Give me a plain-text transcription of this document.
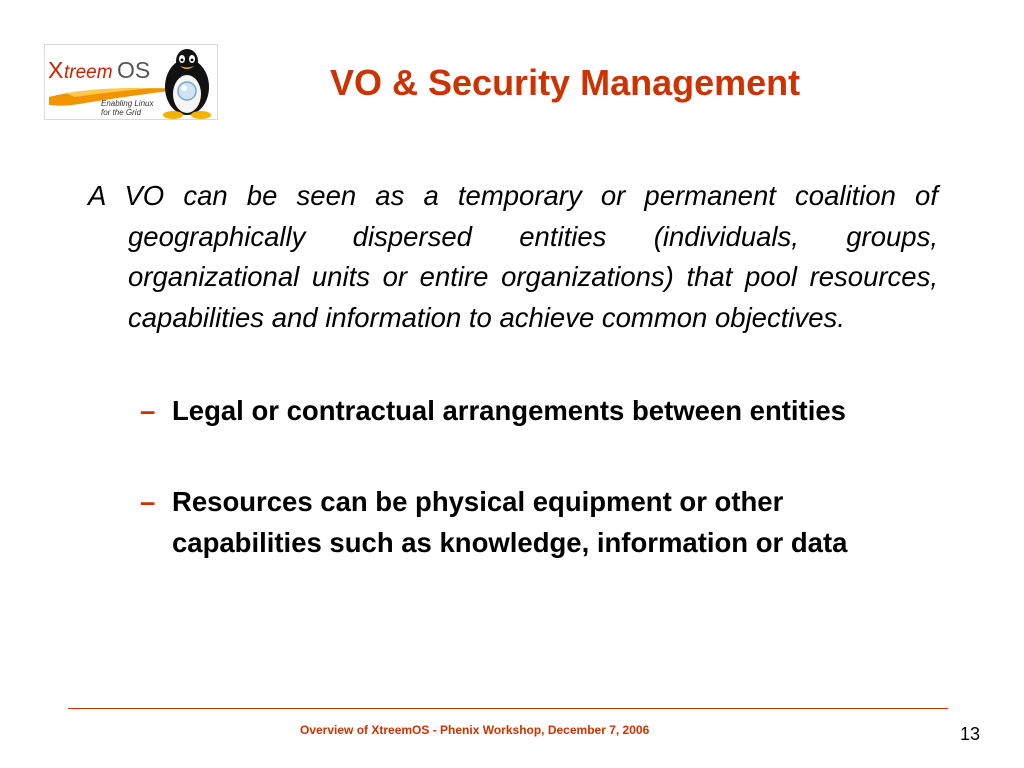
X treem OS
Enabling Linux
for the Grid
VO & Security Management
A VO can be seen as a temporary or permanent coalition of geographically dispersed entities (individuals, groups, organizational units or entire organizations) that pool resources, capabilities and information to achieve common objectives.
– Legal or contractual arrangements between entities
– Resources can be physical equipment or other capabilities such as knowledge, information or data
Overview of XtreemOS - Phenix Workshop, December 7, 2006	13
